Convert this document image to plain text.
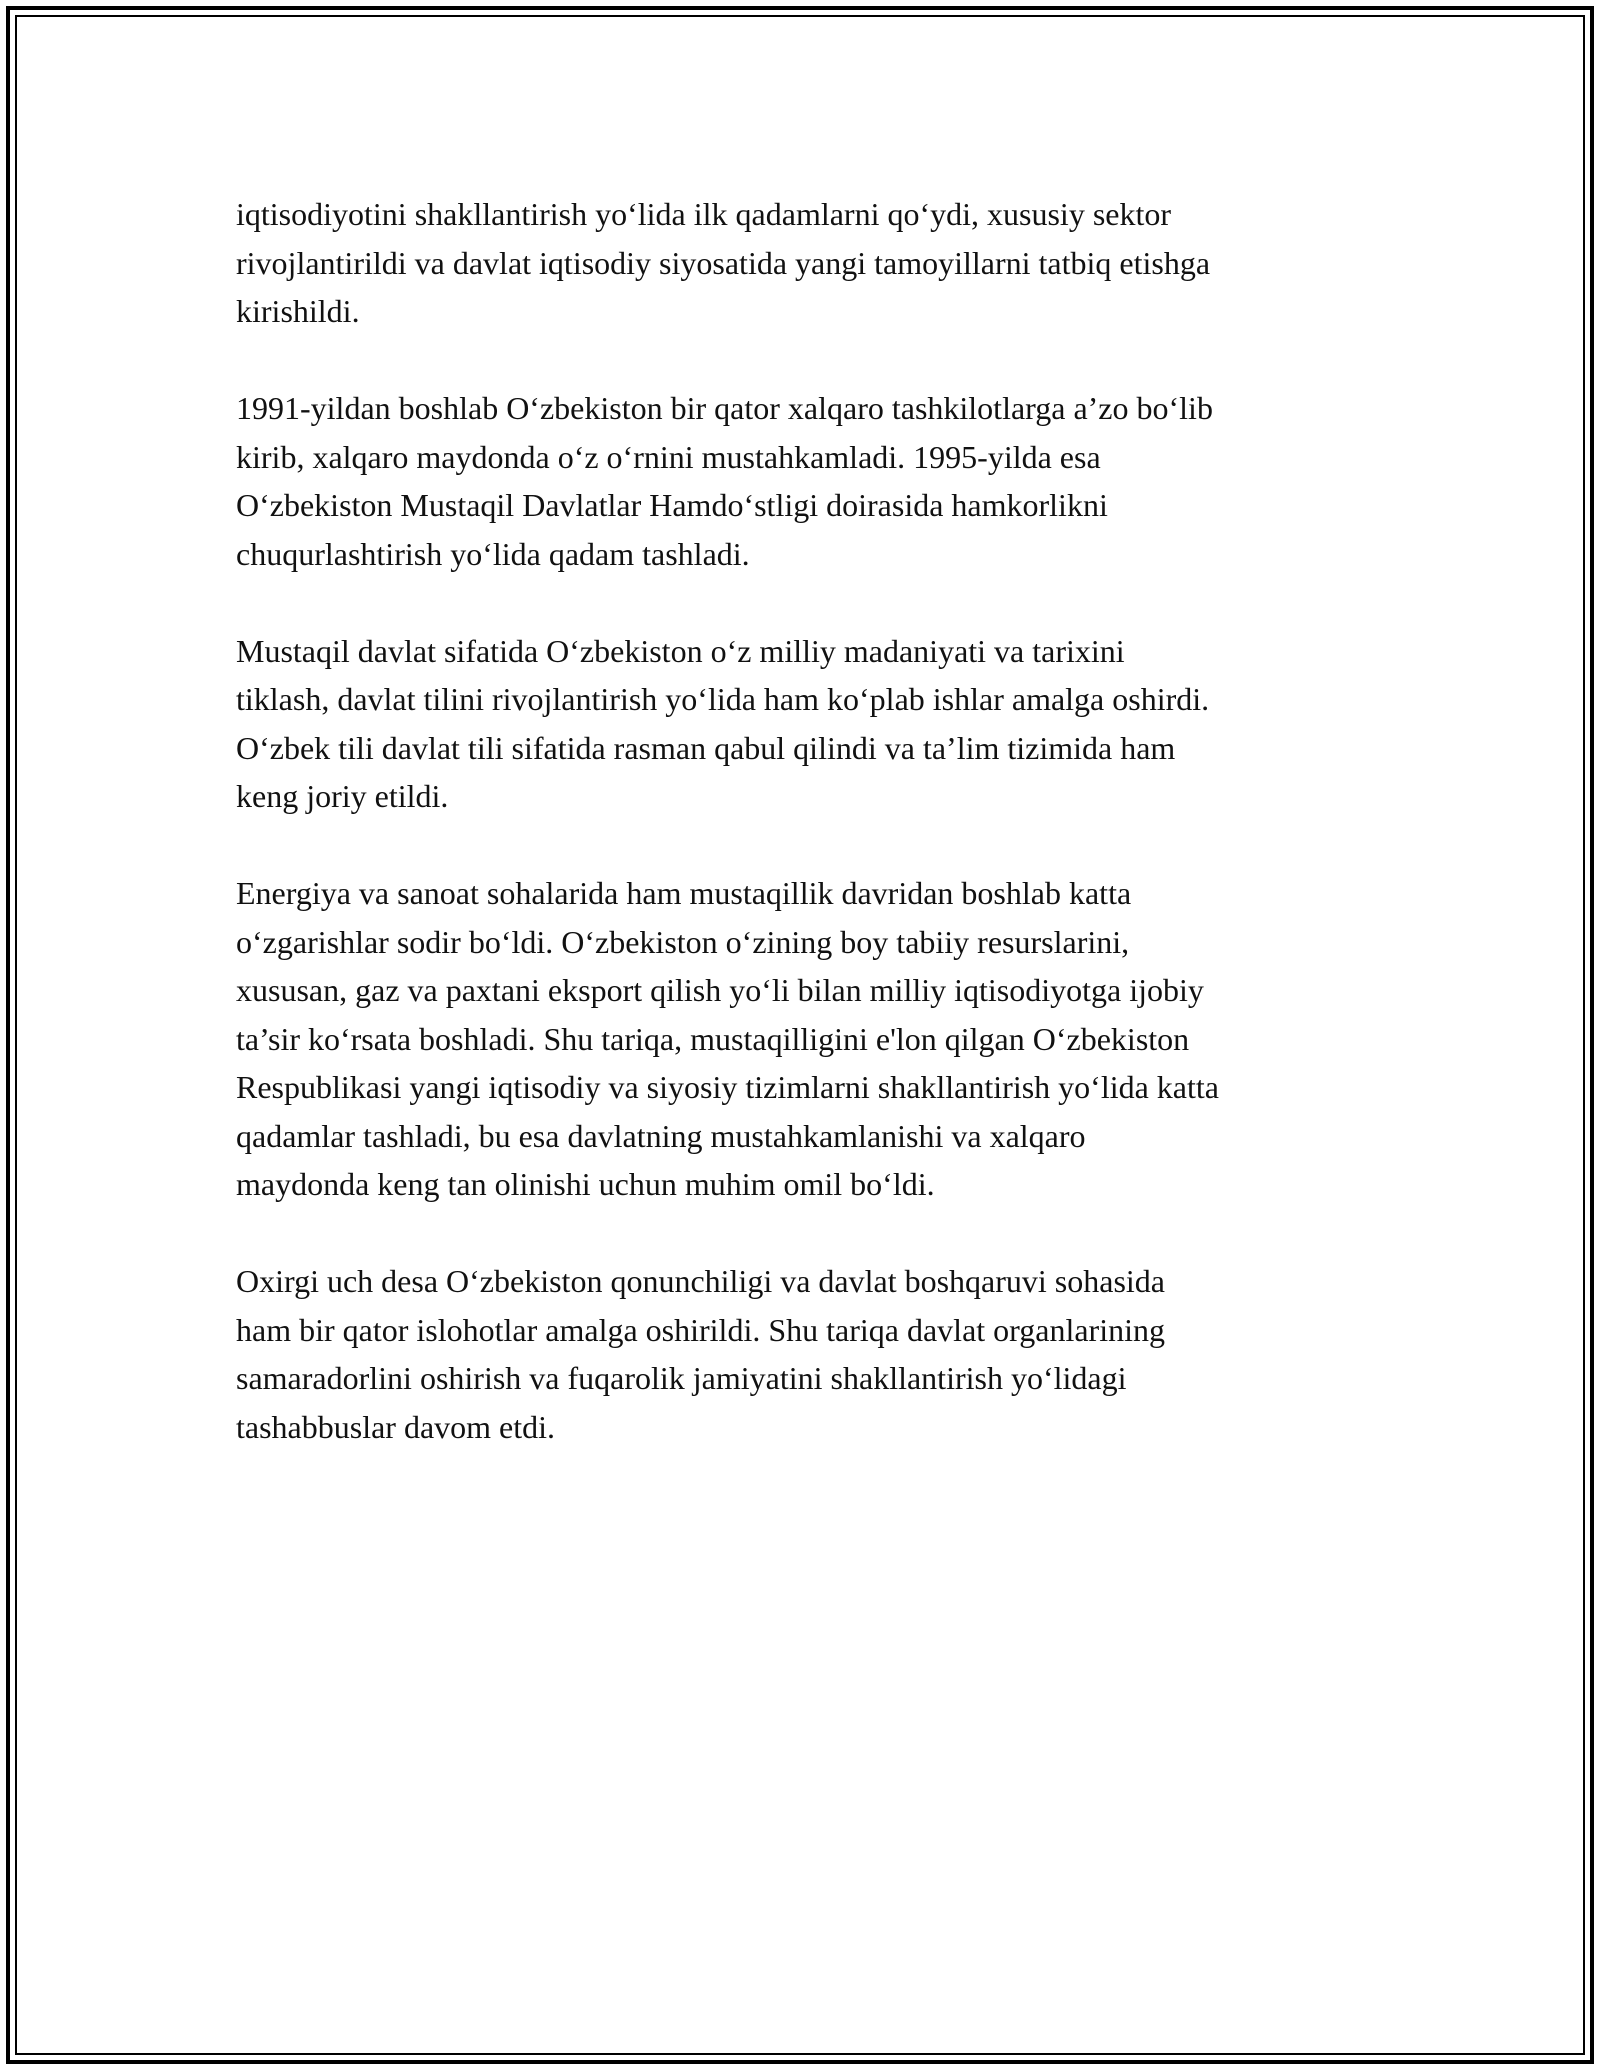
iqtisodiyotini shakllantirish yo‘lida ilk qadamlarni qo‘ydi, xususiy sektor
rivojlantirildi va davlat iqtisodiy siyosatida yangi tamoyillarni tatbiq etishga
kirishildi.

1991-yildan boshlab O‘zbekiston bir qator xalqaro tashkilotlarga a’zo bo‘lib
kirib, xalqaro maydonda o‘z o‘rnini mustahkamladi. 1995-yilda esa
O‘zbekiston Mustaqil Davlatlar Hamdo‘stligi doirasida hamkorlikni
chuqurlashtirish yo‘lida qadam tashladi.

Mustaqil davlat sifatida O‘zbekiston o‘z milliy madaniyati va tarixini
tiklash, davlat tilini rivojlantirish yo‘lida ham ko‘plab ishlar amalga oshirdi.
O‘zbek tili davlat tili sifatida rasman qabul qilindi va ta’lim tizimida ham
keng joriy etildi.

Energiya va sanoat sohalarida ham mustaqillik davridan boshlab katta
o‘zgarishlar sodir bo‘ldi. O‘zbekiston o‘zining boy tabiiy resurslarini,
xususan, gaz va paxtani eksport qilish yo‘li bilan milliy iqtisodiyotga ijobiy
ta’sir ko‘rsata boshladi. Shu tariqa, mustaqilligini e'lon qilgan O‘zbekiston
Respublikasi yangi iqtisodiy va siyosiy tizimlarni shakllantirish yo‘lida katta
qadamlar tashladi, bu esa davlatning mustahkamlanishi va xalqaro
maydonda keng tan olinishi uchun muhim omil bo‘ldi.

Oxirgi uch desa O‘zbekiston qonunchiligi va davlat boshqaruvi sohasida
ham bir qator islohotlar amalga oshirildi. Shu tariqa davlat organlarining
samaradorlini oshirish va fuqarolik jamiyatini shakllantirish yo‘lidagi
tashabbuslar davom etdi.
